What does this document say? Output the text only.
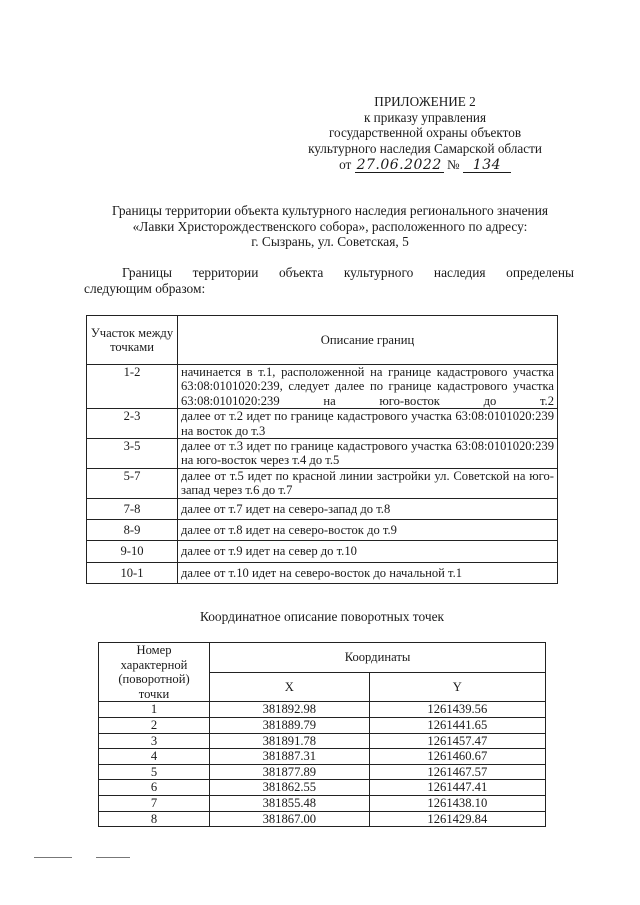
ПРИЛОЖЕНИЕ 2
к приказу управления
государственной охраны объектов
культурного наследия Самарской области
от 27.06.2022 № 134
Границы территории объекта культурного наследия регионального значения
«Лавки Христорождественского собора», расположенного по адресу:
г. Сызрань, ул. Советская, 5
Границы территории объекта культурного наследия определены
следующим образом:
Участок между точками	Описание границ
1-2	начинается в т.1, расположенной на границе кадастрового участка 63:08:0101020:239, следует далее по границе кадастрового участка 63:08:0101020:239 на юго-восток до т.2
2-3	далее от т.2 идет по границе кадастрового участка 63:08:0101020:239 на восток до т.3
3-5	далее от т.3 идет по границе кадастрового участка 63:08:0101020:239 на юго-восток через т.4 до т.5
5-7	далее от т.5 идет по красной линии застройки ул. Советской на юго-запад через т.6 до т.7
7-8	далее от т.7 идет на северо-запад до т.8
8-9	далее от т.8 идет на северо-восток до т.9
9-10	далее от т.9 идет на север до т.10
10-1	далее от т.10 идет на северо-восток до начальной т.1
Координатное описание поворотных точек
Номер характерной (поворотной) точки	Координаты	
	X	Y
1	381892.98	1261439.56
2	381889.79	1261441.65
3	381891.78	1261457.47
4	381887.31	1261460.67
5	381877.89	1261467.57
6	381862.55	1261447.41
7	381855.48	1261438.10
8	381867.00	1261429.84
